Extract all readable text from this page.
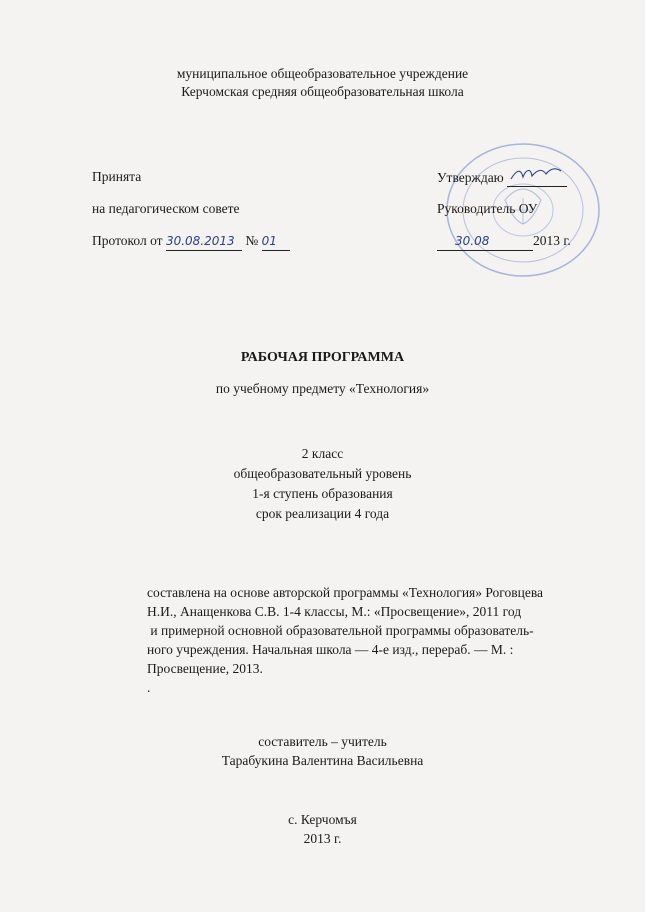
муниципальное общеобразовательное учреждение
Керчомская средняя общеобразовательная школа
Принята
на педагогическом совете
Протокол от 30.08.2013 № 01
Утверждаю
Руководитель ОУ
30.08	2013 г.
РАБОЧАЯ ПРОГРАММА
по учебному предмету «Технология»
2 класс
общеобразовательный уровень
1-я ступень образования
срок реализации 4 года
составлена на основе авторской программы «Технология» Роговцева
Н.И., Анащенкова С.В. 1-4 классы, М.: «Просвещение», 2011 год
и примерной основной образовательной программы образователь-
ного учреждения. Начальная школа — 4-е изд., перераб. — М. :
Просвещение, 2013.
.
составитель – учитель
Тарабукина Валентина Васильевна
с. Керчомъя
2013 г.
